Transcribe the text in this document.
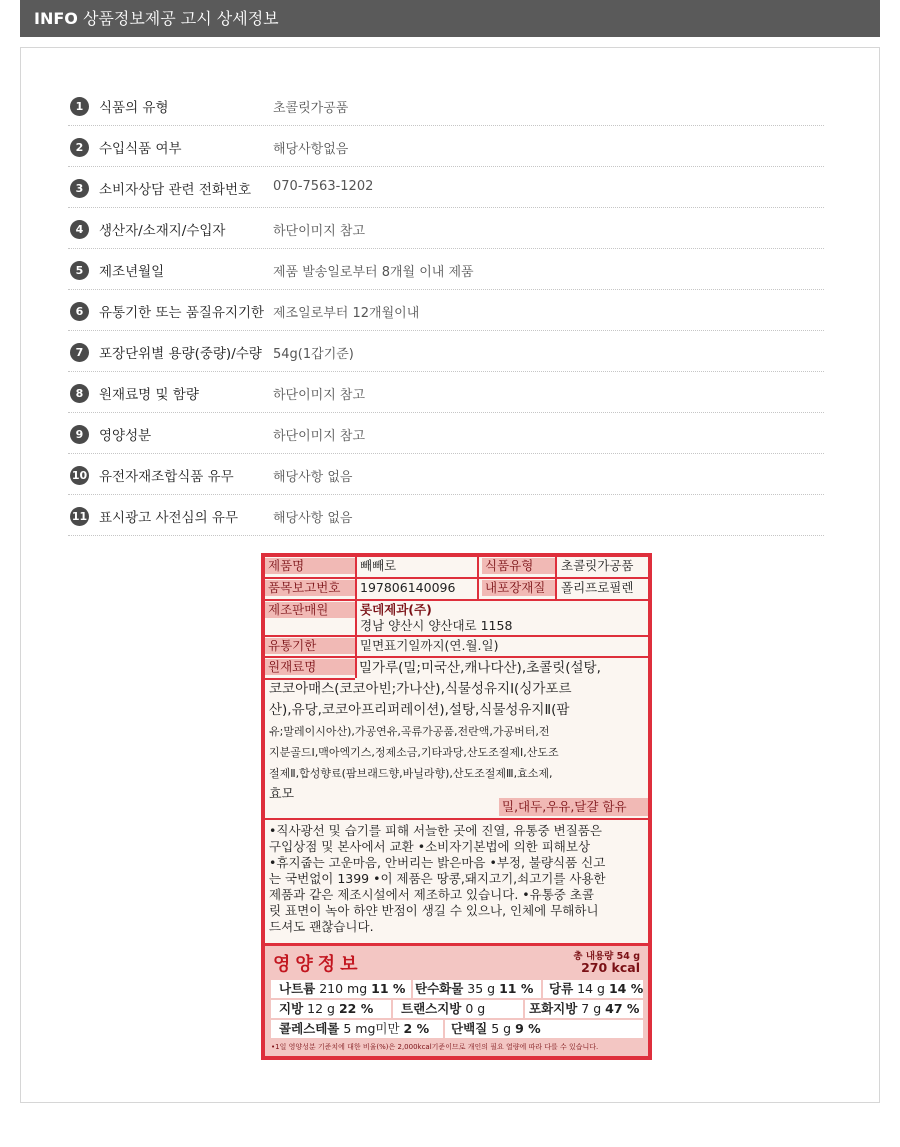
INFO 상품정보제공 고시 상세정보
1	식품의 유형	초콜릿가공품
2	수입식품 여부	해당사항없음
3	소비자상담 관련 전화번호 070-7563-1202
4	생산자/소재지/수입자	하단이미지 참고
5	제조년월일	제품 발송일로부터 8개월 이내 제품
6	유통기한 또는 품질유지기한 제조일로부터 12개월이내
7	포장단위별 용량(중량)/수량 54g(1갑기준)
8	원재료명 및 함량	하단이미지 참고
9	영양성분	하단이미지 참고
10 유전자재조합식품 유무	해당사항 없음
11 표시광고 사전심의 유무	해당사항 없음
제품명	빼빼로	식품유형	초콜릿가공품
품목보고번호	197806140096 내포장재질	폴리프로필렌
제조판매원	롯데제과(주)
경남 양산시 양산대로 1158
유통기한	밑면표기일까지(연.월.일)
원재료명	밀가루(밀;미국산,캐나다산),초콜릿(설탕,
코코아매스(코코아빈;가나산),식물성유지Ⅰ(싱가포르
산),유당,코코아프리퍼레이션),설탕,식물성유지Ⅱ(팜
유;말레이시아산),가공연유,곡류가공품,전란액,가공버터,전
지분골드Ⅰ,맥아엑기스,정제소금,기타과당,산도조절제Ⅰ,산도조
절제Ⅱ,합성향료(팜브래드향,바닐라향),산도조절제Ⅲ,효소제,
효모
밀,대두,우유,달걀 함유
•직사광선 및 습기를 피해 서늘한 곳에 진열, 유통중 변질품은
구입상점 및 본사에서 교환 •소비자기본법에 의한 피해보상
•휴지줍는 고운마음, 안버리는 밝은마음 •부정, 불량식품 신고
는 국번없이 1399 •이 제품은 땅콩,돼지고기,쇠고기를 사용한
제품과 같은 제조시설에서 제조하고 있습니다. •유통중 초콜
릿 표면이 녹아 하얀 반점이 생길 수 있으나, 인체에 무해하니
드셔도 괜찮습니다.
영양정보	총 내용량 54 g
270 kcal
나트륨 210 mg 11 % 탄수화물 35 g 11 %	당류 14 g 14 %
지방 12 g 22 %	트랜스지방 0 g	포화지방 7 g 47 %
콜레스테롤 5 mg미만 2 %	단백질 5 g 9 %
•1일 영양성분 기준치에 대한 비율(%)은 2,000kcal기준이므로 개인의 필요 열량에 따라 다를 수 있습니다.
